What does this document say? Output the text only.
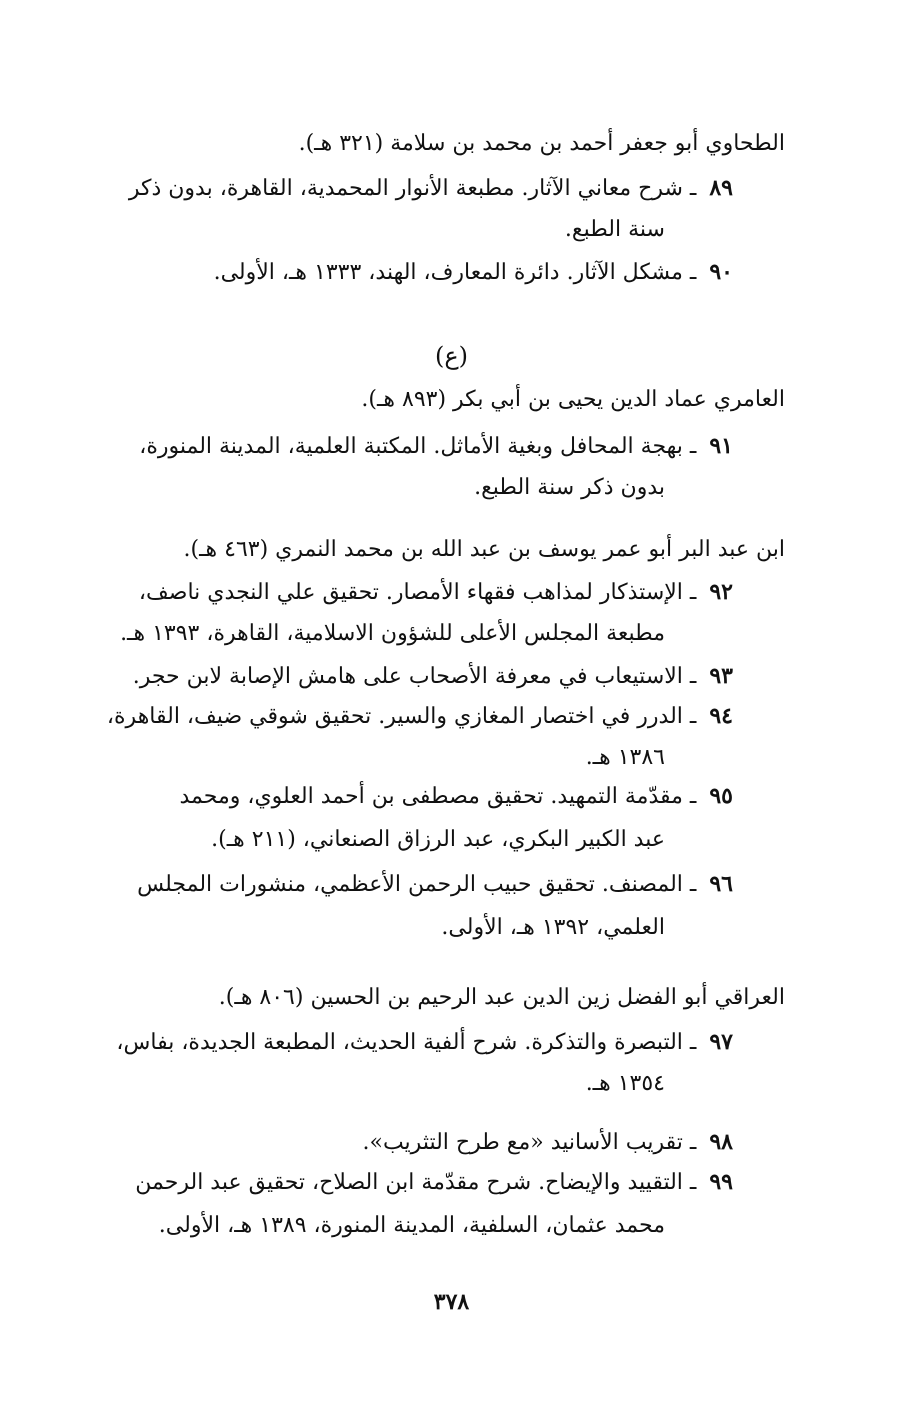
الطحاوي أبو جعفر أحمد بن محمد بن سلامة (٣٢١ هـ).
٨٩ ـ شرح معاني الآثار. مطبعة الأنوار المحمدية، القاهرة، بدون ذكر
سنة الطبع.
٩٠ ـ مشكل الآثار. دائرة المعارف، الهند، ١٣٣٣ هـ، الأولى.
(ع)
العامري عماد الدين يحيى بن أبي بكر (٨٩٣ هـ).
٩١ ـ بهجة المحافل وبغية الأماثل. المكتبة العلمية، المدينة المنورة،
بدون ذكر سنة الطبع.
ابن عبد البر أبو عمر يوسف بن عبد الله بن محمد النمري (٤٦٣ هـ).
٩٢ ـ الإستذكار لمذاهب فقهاء الأمصار. تحقيق علي النجدي ناصف،
مطبعة المجلس الأعلى للشؤون الاسلامية، القاهرة، ١٣٩٣ هـ.
٩٣ ـ الاستيعاب في معرفة الأصحاب على هامش الإصابة لابن حجر.
٩٤ ـ الدرر في اختصار المغازي والسير. تحقيق شوقي ضيف، القاهرة،
١٣٨٦ هـ.
٩٥ ـ مقدّمة التمهيد. تحقيق مصطفى بن أحمد العلوي، ومحمد
عبد الكبير البكري، عبد الرزاق الصنعاني، (٢١١ هـ).
٩٦ ـ المصنف. تحقيق حبيب الرحمن الأعظمي، منشورات المجلس
العلمي، ١٣٩٢ هـ، الأولى.
العراقي أبو الفضل زين الدين عبد الرحيم بن الحسين (٨٠٦ هـ).
٩٧ ـ التبصرة والتذكرة. شرح ألفية الحديث، المطبعة الجديدة، بفاس،
١٣٥٤ هـ.
٩٨ ـ تقريب الأسانيد «مع طرح التثريب».
٩٩ ـ التقييد والإيضاح. شرح مقدّمة ابن الصلاح، تحقيق عبد الرحمن
محمد عثمان، السلفية، المدينة المنورة، ١٣٨٩ هـ، الأولى.
٣٧٨
